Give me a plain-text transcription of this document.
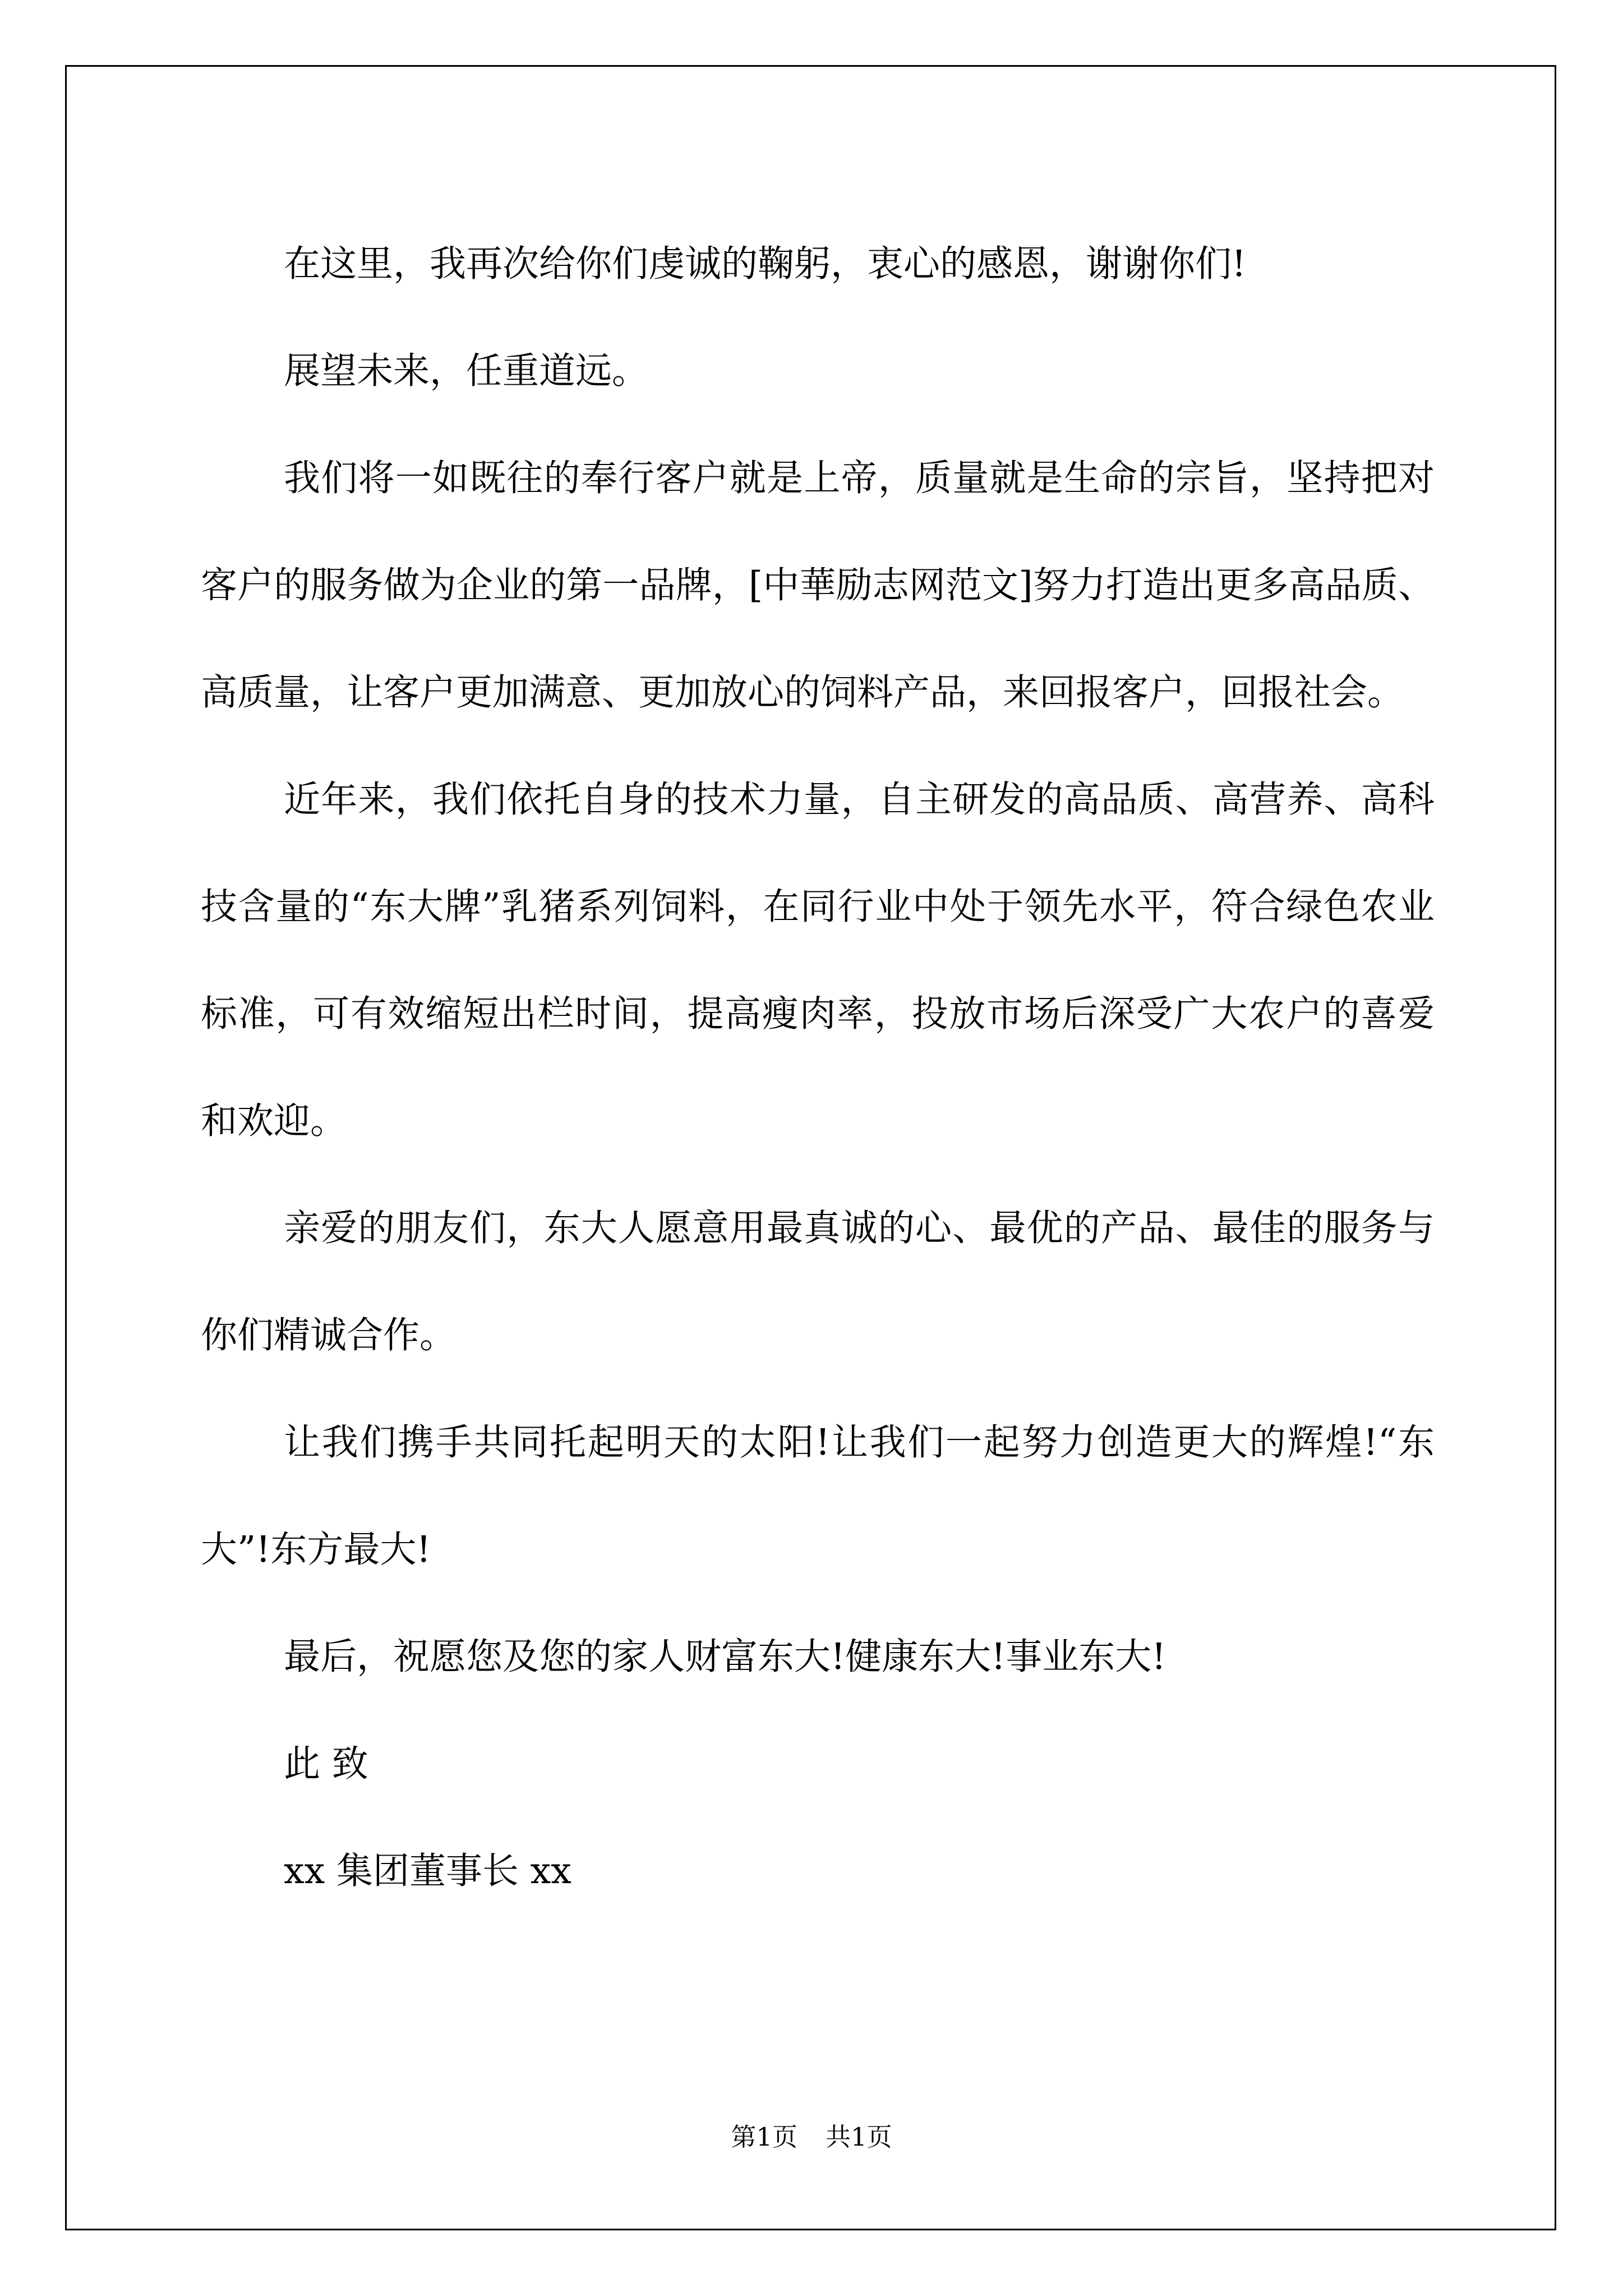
在这里，我再次给你们虔诚的鞠躬，衷心的感恩，谢谢你们!

展望未来，任重道远。

我们将一如既往的奉行客户就是上帝，质量就是生命的宗旨，坚持把对客户的服务做为企业的第一品牌，[中華励志网范文]努力打造出更多高品质、高质量，让客户更加满意、更加放心的饲料产品，来回报客户，回报社会。

近年来，我们依托自身的技术力量，自主研发的高品质、高营养、高科技含量的“东大牌”乳猪系列饲料，在同行业中处于领先水平，符合绿色农业标准，可有效缩短出栏时间，提高瘦肉率，投放市场后深受广大农户的喜爱和欢迎。

亲爱的朋友们，东大人愿意用最真诚的心、最优的产品、最佳的服务与你们精诚合作。

让我们携手共同托起明天的太阳!让我们一起努力创造更大的辉煌!“东大”!东方最大!

最后，祝愿您及您的家人财富东大!健康东大!事业东大!

此 致

xx 集团董事长 xx

第1页 共1页
